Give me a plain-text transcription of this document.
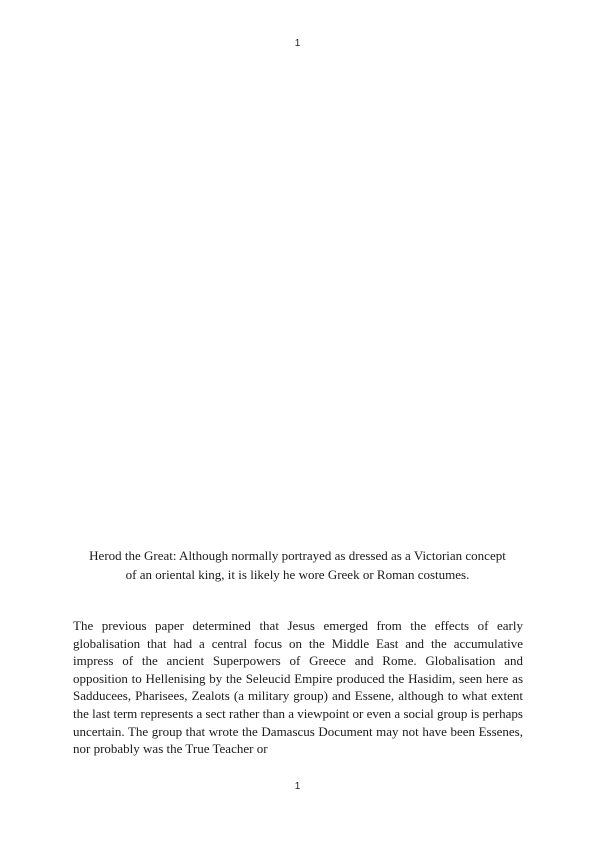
1
Herod the Great: Although normally portrayed as dressed as a Victorian concept
of an oriental king, it is likely he wore Greek or Roman costumes.
The previous paper determined that Jesus emerged from the effects of early globalisation that had a central focus on the Middle East and the accumulative impress of the ancient Superpowers of Greece and Rome. Globalisation and opposition to Hellenising by the Seleucid Empire produced the Hasidim, seen here as Sadducees, Pharisees, Zealots (a military group) and Essene, although to what extent the last term represents a sect rather than a viewpoint or even a social group is perhaps uncertain. The group that wrote the Damascus Document may not have been Essenes, nor probably was the True Teacher or
1
